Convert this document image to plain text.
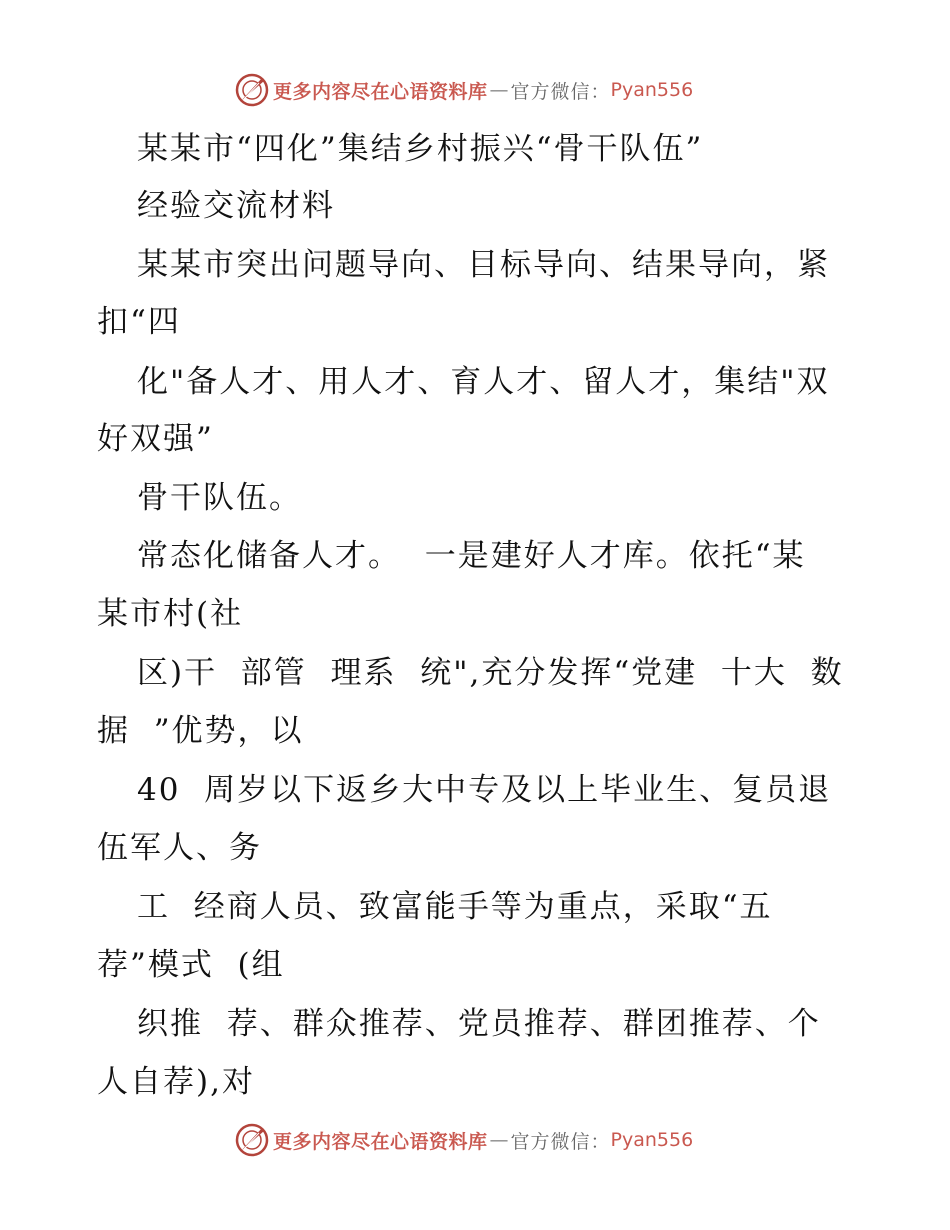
更多内容尽在心语资料库 — 官方微信： Pyan556
某某市“四化”集结乡村振兴“骨干队伍”
经验交流材料
某某市突出问题导向、目标导向、结果导向，紧
扣“四
化"备人才、用人才、育人才、留人才，集结"双
好双强”
骨干队伍。
常态化储备人才。  一是建好人才库。依托“某
某市村(社
区)干  部管  理系  统",充分发挥“党建  十大  数
据  ”优势，以
40  周岁以下返乡大中专及以上毕业生、复员退
伍军人、务
工  经商人员、致富能手等为重点，采取“五
荐”模式  (组
织推  荐、群众推荐、党员推荐、群团推荐、个
人自荐),对
更多内容尽在心语资料库 — 官方微信： Pyan556
